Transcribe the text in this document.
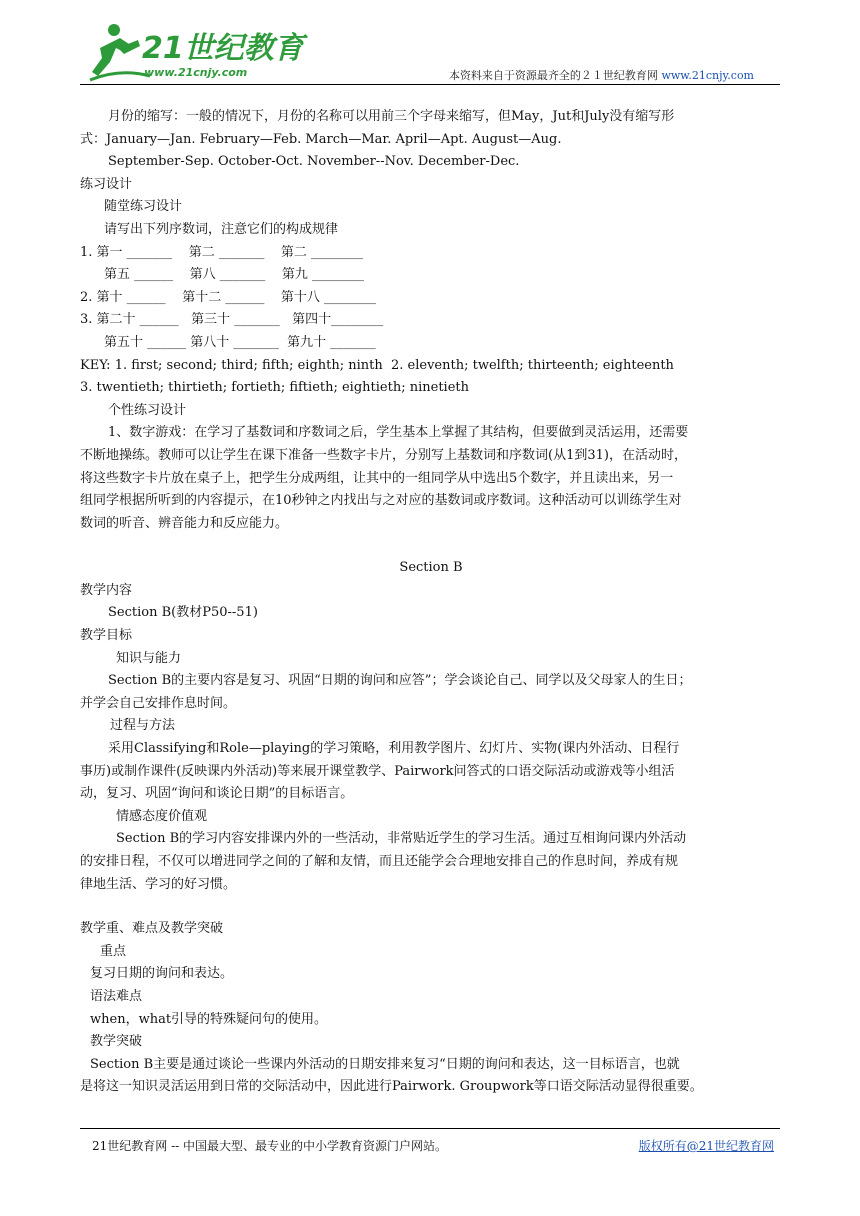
21世纪教育
www.21cnjy.com	本资料来自于资源最齐全的２１世纪教育网 www.21cnjy.com

月份的缩写：一般的情况下，月份的名称可以用前三个字母来缩写，但May，Jut和July没有缩写形

式：January—Jan. February—Feb. March—Mar. April—Apt. August—Aug.

September-Sep. October-Oct. November--Nov. December-Dec.

练习设计

随堂练习设计

请写出下列序数词，注意它们的构成规律

1. 第一 _______    第二 _______    第二 ________

第五 ______    第八 _______    第九 ________

2. 第十 ______    第十二 ______    第十八 ________

3. 第二十 ______   第三十 _______   第四十________

第五十 ______ 第八十 _______  第九十 _______

KEY: 1. first; second; third; fifth; eighth; ninth  2. eleventh; twelfth; thirteenth; eighteenth

3. twentieth; thirtieth; fortieth; fiftieth; eightieth; ninetieth

个性练习设计

1、数字游戏：在学习了基数词和序数词之后，学生基本上掌握了其结构，但要做到灵活运用，还需要

不断地操练。教师可以让学生在课下准备一些数字卡片，分别写上基数词和序数词(从1到31)，在活动时，

将这些数字卡片放在桌子上，把学生分成两组，让其中的一组同学从中选出5个数字，并且读出来，另一

组同学根据所听到的内容提示，在10秒钟之内找出与之对应的基数词或序数词。这种活动可以训练学生对

数词的听音、辨音能力和反应能力。

Section B

教学内容

Section B(教材P50--51)

教学目标

知识与能力

Section B的主要内容是复习、巩固“日期的询问和应答”；学会谈论自己、同学以及父母家人的生日；

并学会自己安排作息时间。

过程与方法

采用Classifying和Role—playing的学习策略，利用教学图片、幻灯片、实物(课内外活动、日程行

事历)或制作课件(反映课内外活动)等来展开课堂教学、Pairwork问答式的口语交际活动或游戏等小组活

动，复习、巩固“询问和谈论日期”的目标语言。

情感态度价值观

Section B的学习内容安排课内外的一些活动，非常贴近学生的学习生活。通过互相询问课内外活动

的安排日程，不仅可以增进同学之间的了解和友情，而且还能学会合理地安排自己的作息时间，养成有规

律地生活、学习的好习惯。

教学重、难点及教学突破

重点

复习日期的询问和表达。

语法难点

when，what引导的特殊疑问句的使用。

教学突破

Section B主要是通过谈论一些课内外活动的日期安排来复习“日期的询问和表达，这一目标语言，也就

是将这一知识灵活运用到日常的交际活动中，因此进行Pairwork. Groupwork等口语交际活动显得很重要。

21世纪教育网 -- 中国最大型、最专业的中小学教育资源门户网站。	版权所有@21世纪教育网
